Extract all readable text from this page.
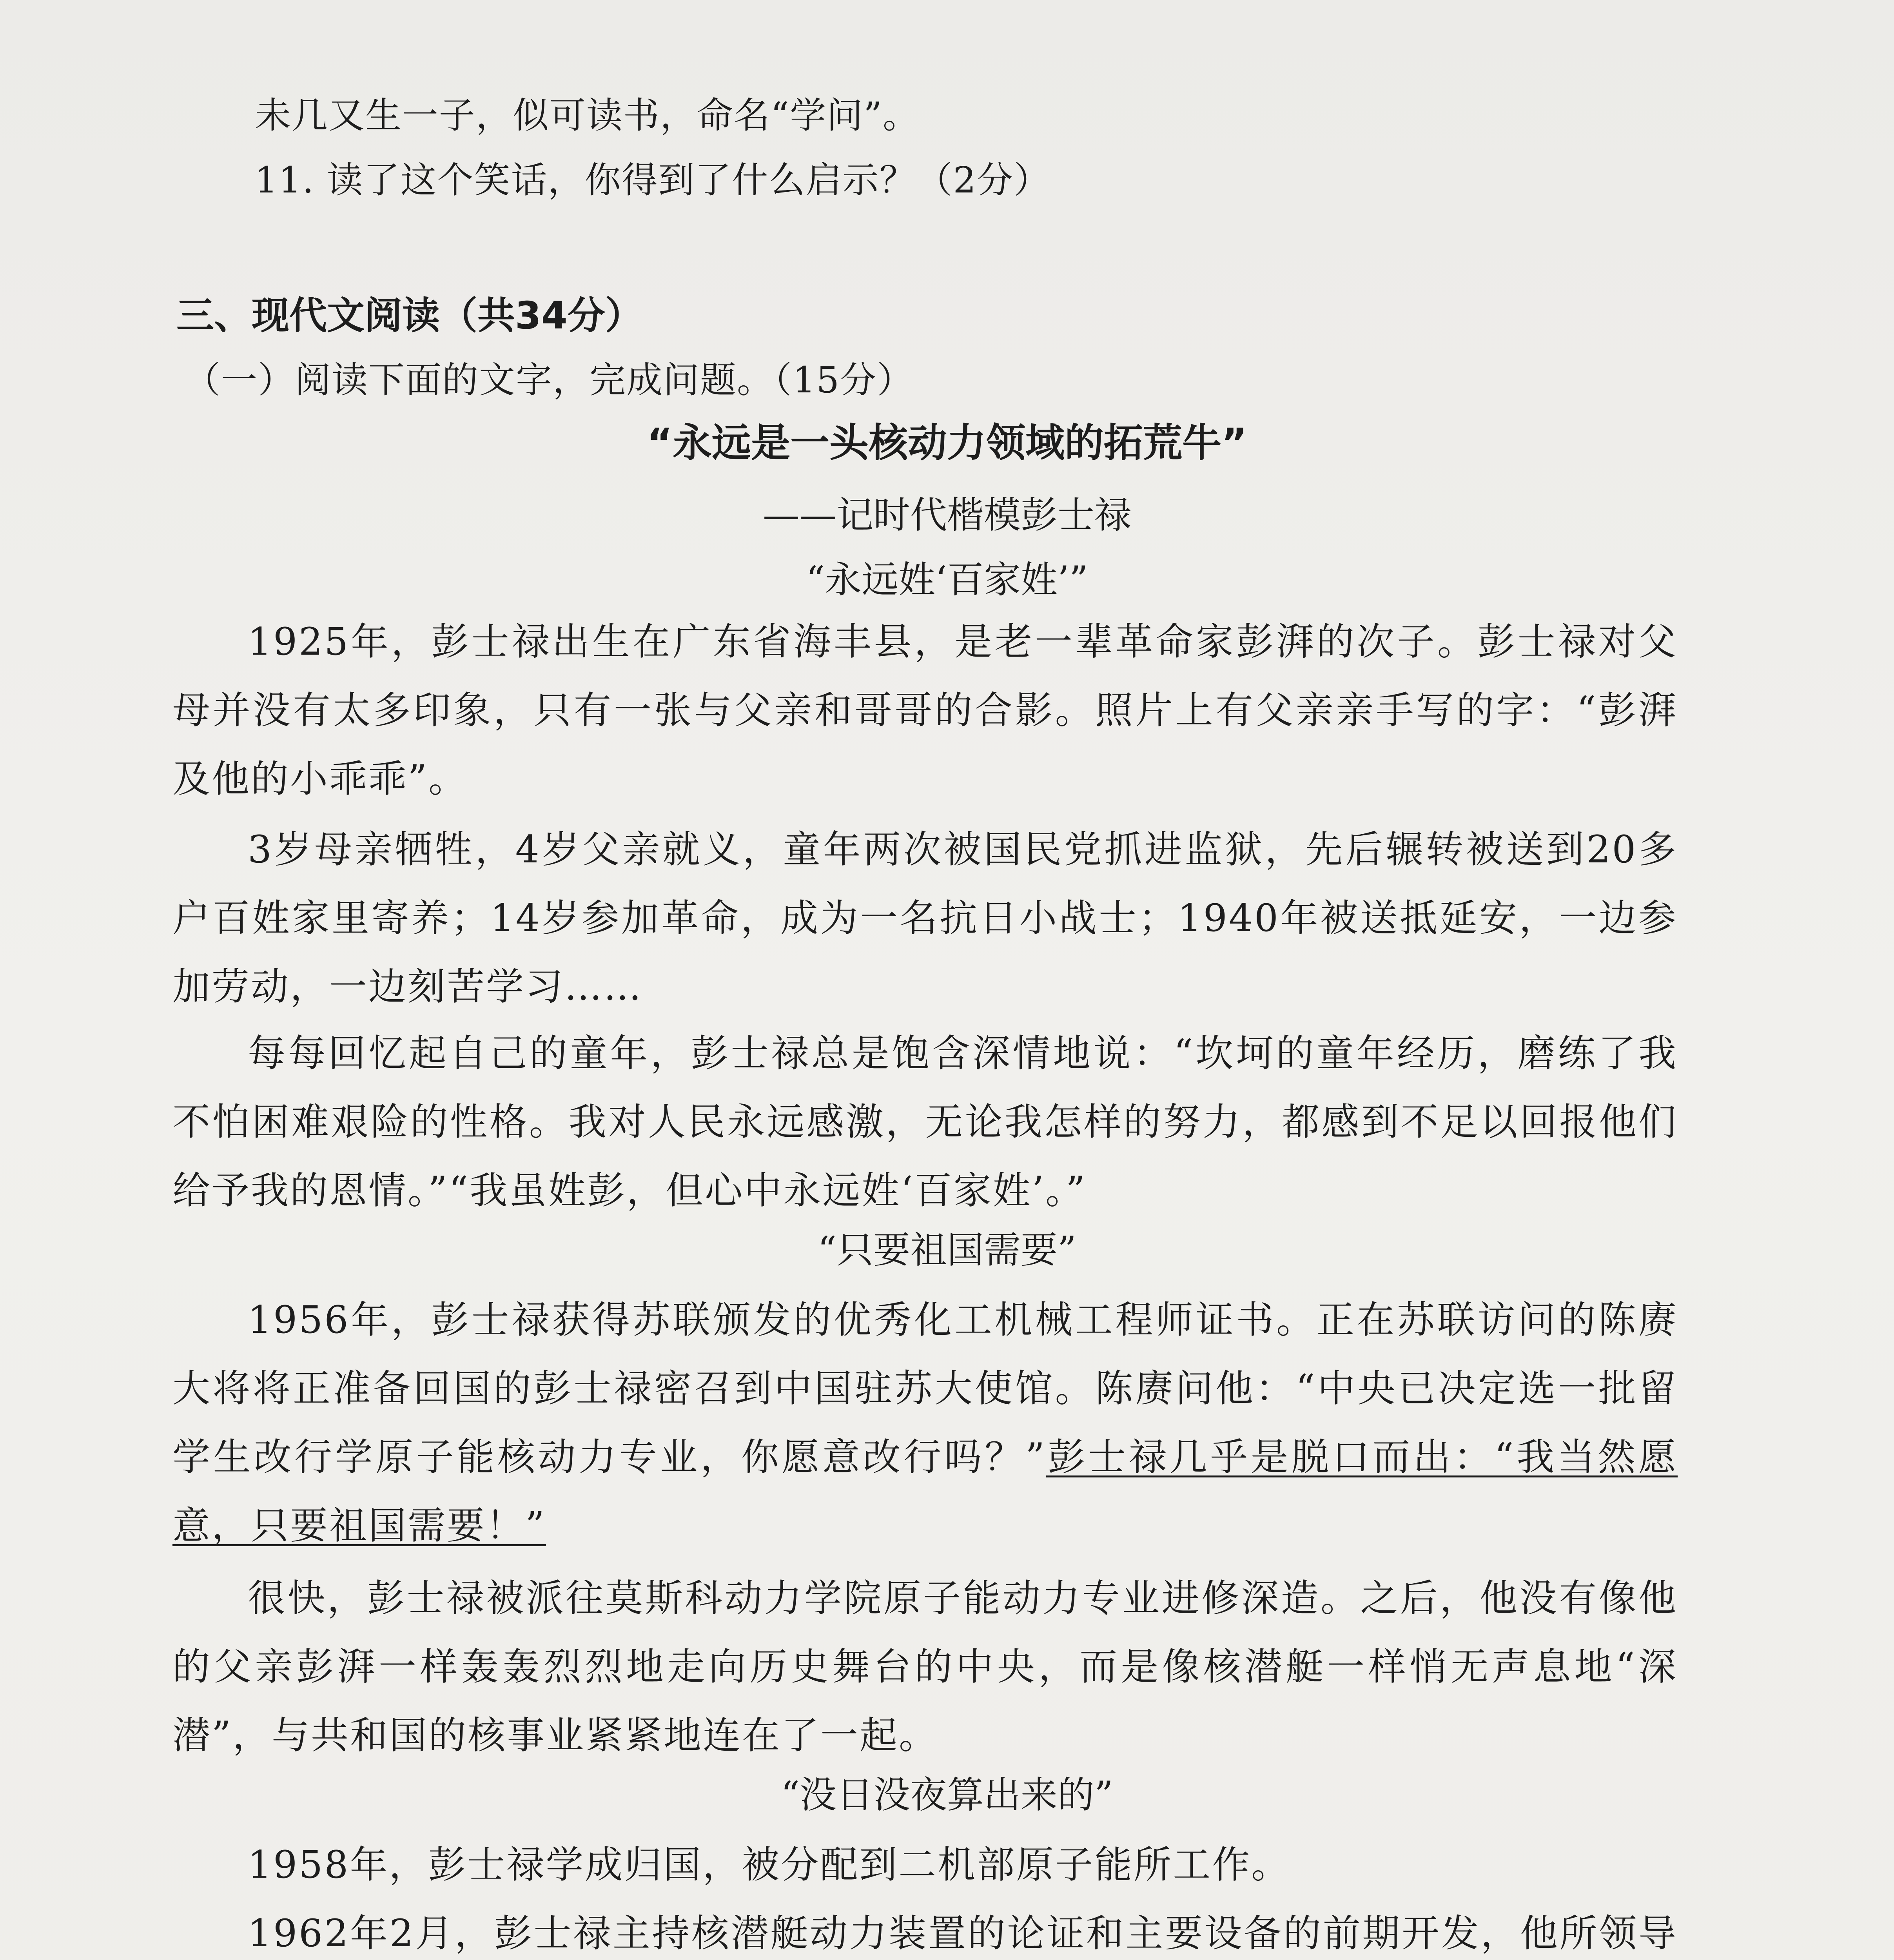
未几又生一子，似可读书，命名“学问”。
11. 读了这个笑话，你得到了什么启示？（2分）
三、现代文阅读（共34分）
（一）阅读下面的文字，完成问题。（15分）
“永远是一头核动力领域的拓荒牛”
——记时代楷模彭士禄
“永远姓‘百家姓’”
1925年，彭士禄出生在广东省海丰县，是老一辈革命家彭湃的次子。彭士禄对父母并没有太多印象，只有一张与父亲和哥哥的合影。照片上有父亲亲手写的字：“彭湃及他的小乖乖”。
3岁母亲牺牲，4岁父亲就义，童年两次被国民党抓进监狱，先后辗转被送到20多户百姓家里寄养；14岁参加革命，成为一名抗日小战士；1940年被送抵延安，一边参加劳动，一边刻苦学习……
每每回忆起自己的童年，彭士禄总是饱含深情地说：“坎坷的童年经历，磨练了我不怕困难艰险的性格。我对人民永远感激，无论我怎样的努力，都感到不足以回报他们给予我的恩情。”“我虽姓彭，但心中永远姓‘百家姓’。”
“只要祖国需要”
1956年，彭士禄获得苏联颁发的优秀化工机械工程师证书。正在苏联访问的陈赓大将将正准备回国的彭士禄密召到中国驻苏大使馆。陈赓问他：“中央已决定选一批留学生改行学原子能核动力专业，你愿意改行吗？”彭士禄几乎是脱口而出：“我当然愿意，只要祖国需要！”
很快，彭士禄被派往莫斯科动力学院原子能动力专业进修深造。之后，他没有像他的父亲彭湃一样轰轰烈烈地走向历史舞台的中央，而是像核潜艇一样悄无声息地“深潜”，与共和国的核事业紧紧地连在了一起。
“没日没夜算出来的”
1958年，彭士禄学成归国，被分配到二机部原子能所工作。
1962年2月，彭士禄主持核潜艇动力装置的论证和主要设备的前期开发，他所领导
